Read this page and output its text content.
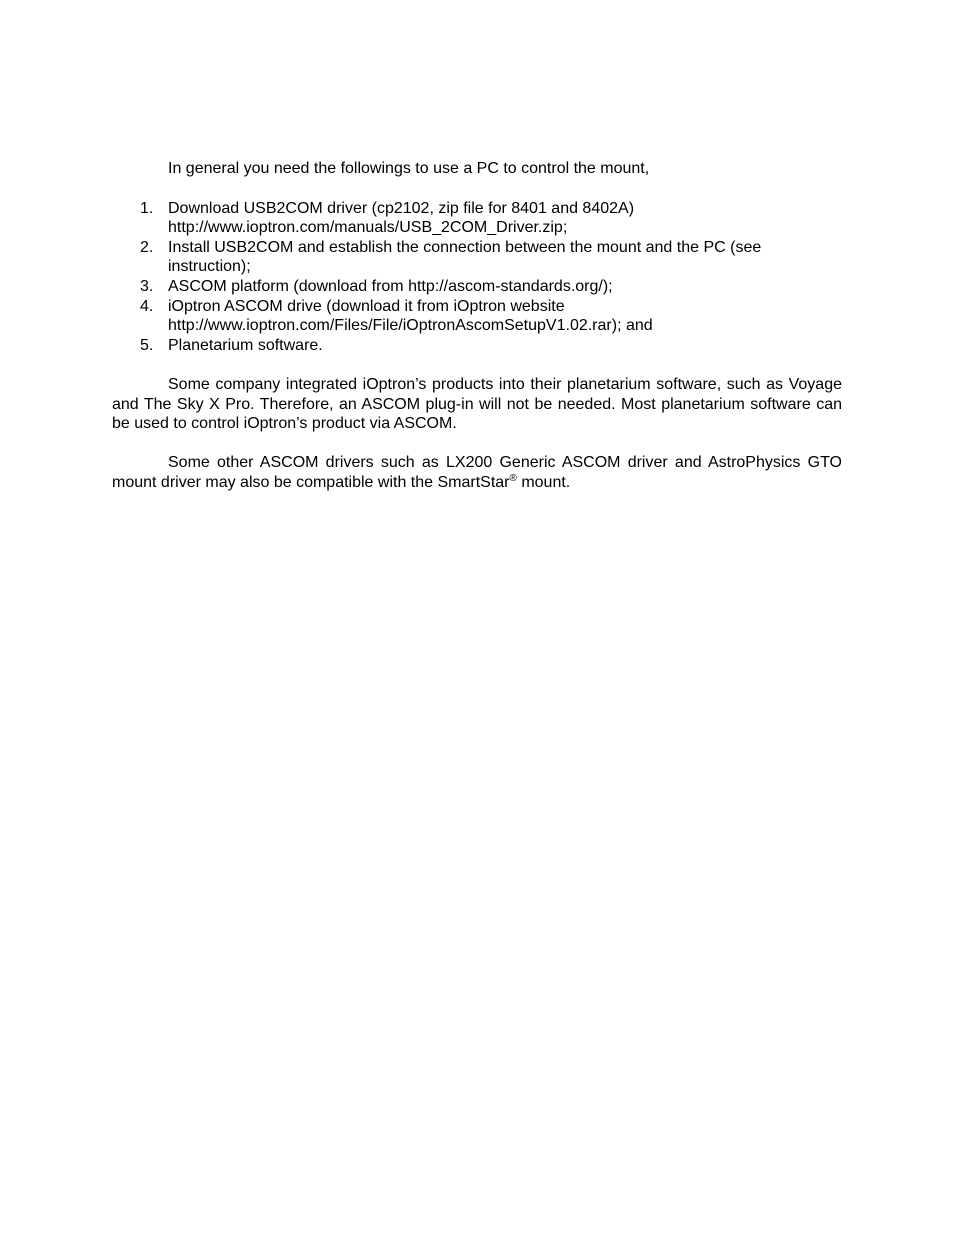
In general you need the followings to use a PC to control the mount,

1. Download USB2COM driver (cp2102, zip file for 8401 and 8402A)
http://www.ioptron.com/manuals/USB_2COM_Driver.zip;
2. Install USB2COM and establish the connection between the mount and the PC (see
instruction);
3. ASCOM platform (download from http://ascom-standards.org/);
4. iOptron ASCOM drive (download it from iOptron website
http://www.ioptron.com/Files/File/iOptronAscomSetupV1.02.rar); and
5. Planetarium software.

Some company integrated iOptron’s products into their planetarium software, such as Voyage and The Sky X Pro. Therefore, an ASCOM plug-in will not be needed. Most planetarium software can be used to control iOptron’s product via ASCOM.

Some other ASCOM drivers such as LX200 Generic ASCOM driver and AstroPhysics GTO mount driver may also be compatible with the SmartStar® mount.
